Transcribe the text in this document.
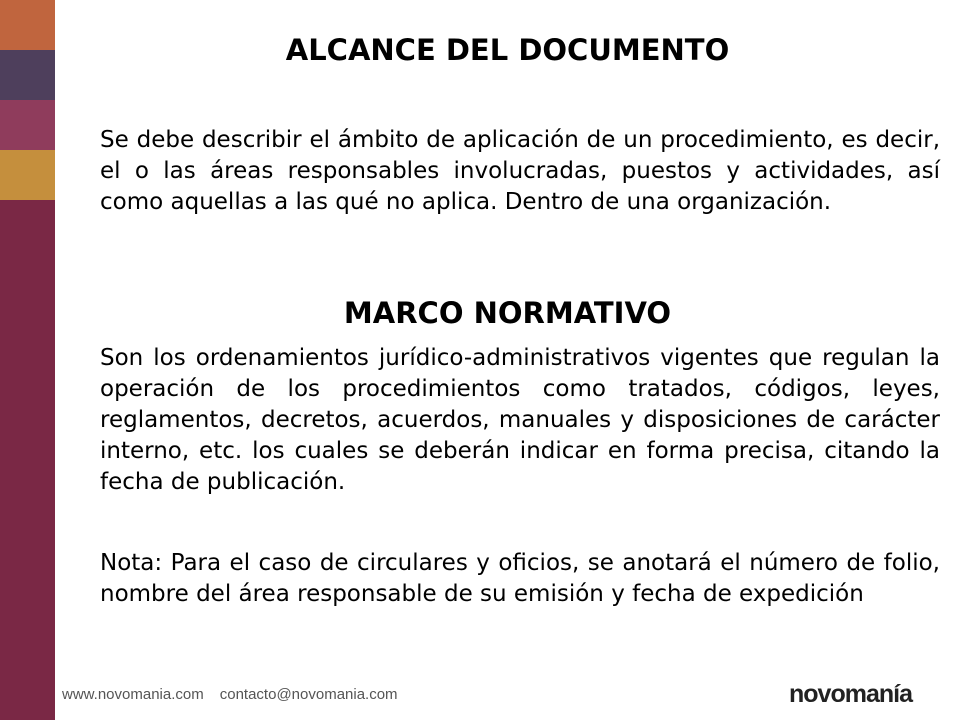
ALCANCE DEL DOCUMENTO

Se debe describir el ámbito de aplicación de un procedimiento, es decir, el o las áreas responsables involucradas, puestos y actividades, así como aquellas a las qué no aplica. Dentro de una organización.

MARCO NORMATIVO

Son los ordenamientos jurídico-administrativos vigentes que regulan la operación de los procedimientos como tratados, códigos, leyes, reglamentos, decretos, acuerdos, manuales y disposiciones de carácter interno, etc. los cuales se deberán indicar en forma precisa, citando la fecha de publicación.

Nota: Para el caso de circulares y oficios, se anotará el número de folio, nombre del área responsable de su emisión y fecha de expedición

www.novomania.com contacto@novomania.com	novomanía
